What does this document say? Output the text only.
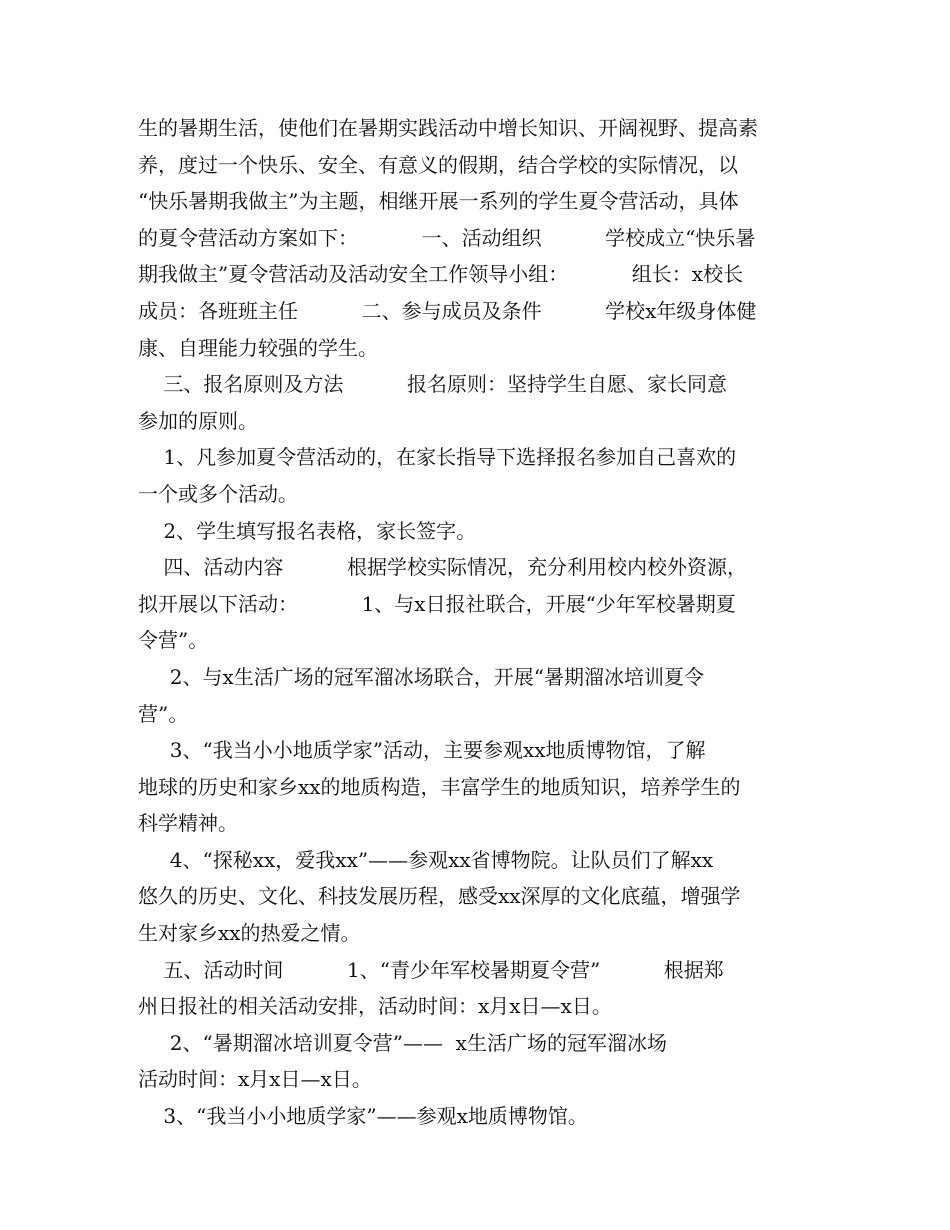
生的暑期生活，使他们在暑期实践活动中增长知识、开阔视野、提高素
养，度过一个快乐、安全、有意义的假期，结合学校的实际情况，以
“快乐暑期我做主”为主题，相继开展一系列的学生夏令营活动，具体
的夏令营活动方案如下：          一、活动组织          学校成立“快乐暑
期我做主”夏令营活动及活动安全工作领导小组：          组长：x校长
成员：各班班主任          二、参与成员及条件          学校x年级身体健
康、自理能力较强的学生。
三、报名原则及方法          报名原则：坚持学生自愿、家长同意
参加的原则。
1、凡参加夏令营活动的，在家长指导下选择报名参加自己喜欢的
一个或多个活动。
2、学生填写报名表格，家长签字。
四、活动内容          根据学校实际情况，充分利用校内校外资源，
拟开展以下活动：          1、与x日报社联合，开展“少年军校暑期夏
令营”。
2、与x生活广场的冠军溜冰场联合，开展“暑期溜冰培训夏令
营”。
3、“我当小小地质学家”活动，主要参观xx地质博物馆，了解
地球的历史和家乡xx的地质构造，丰富学生的地质知识，培养学生的
科学精神。
4、“探秘xx，爱我xx”——参观xx省博物院。让队员们了解xx
悠久的历史、文化、科技发展历程，感受xx深厚的文化底蕴，增强学
生对家乡xx的热爱之情。
五、活动时间          1、“青少年军校暑期夏令营”          根据郑
州日报社的相关活动安排，活动时间：x月x日—x日。
2、“暑期溜冰培训夏令营”——  x生活广场的冠军溜冰场
活动时间：x月x日—x日。
3、“我当小小地质学家”——参观x地质博物馆。
